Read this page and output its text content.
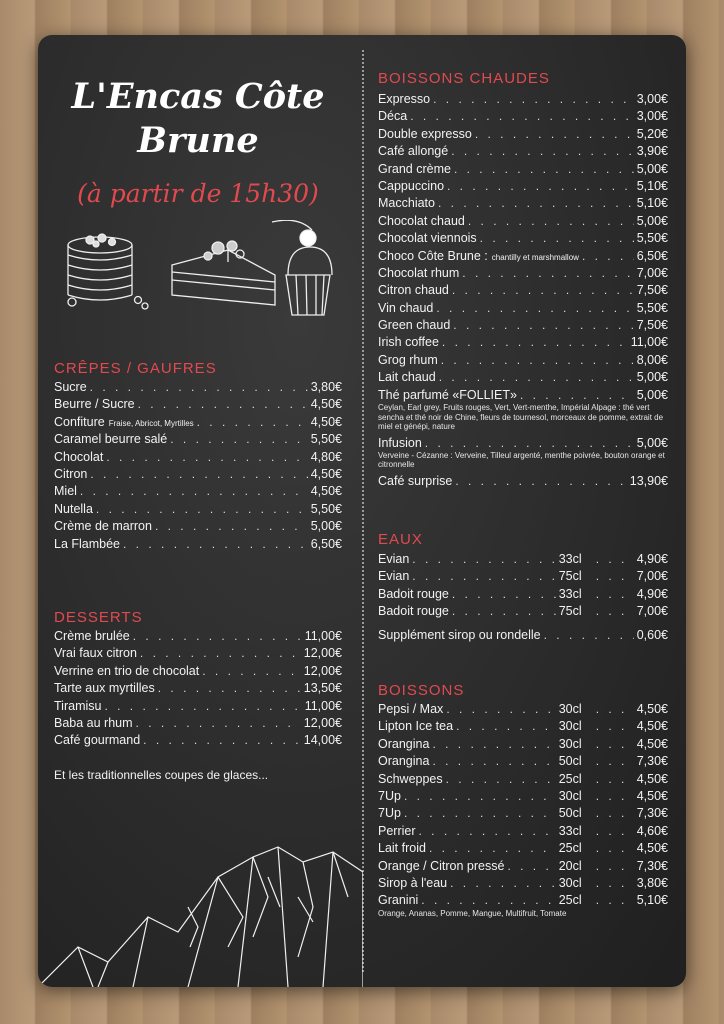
L'Encas Côte
Brune
(à partir de 15h30)
CRÊPES / GAUFRES
Sucre . . .	3,80€
Beurre / Sucre . . .	4,50€
Confiture Fraise, Abricot, Myrtilles . . .	4,50€
Caramel beurre salé . . .	5,50€
Chocolat . . .	4,80€
Citron . . .	4,50€
Miel . . .	4,50€
Nutella . . .	5,50€
Crème de marron . . .	5,00€
La Flambée . . .	6,50€
DESSERTS
Crème brulée . . .	11,00€
Vrai faux citron . . .	12,00€
Verrine en trio de chocolat . . .	12,00€
Tarte aux myrtilles . . .	13,50€
Tiramisu . . .	11,00€
Baba au rhum . . .	12,00€
Café gourmand . . .	14,00€
Et les traditionnelles coupes de glaces...
BOISSONS CHAUDES
Expresso . . .	3,00€
Déca . . .	3,00€
Double expresso . . .	5,20€
Café allongé . . .	3,90€
Grand crème . . .	5,00€
Cappuccino . . .	5,10€
Macchiato . . .	5,10€
Chocolat chaud . . .	5,00€
Chocolat viennois . . .	5,50€
Choco Côte Brune : chantilly et marshmallow . . .	6,50€
Chocolat rhum . . .	7,00€
Citron chaud . . .	7,50€
Vin chaud . . .	5,50€
Green chaud . . .	7,50€
Irish coffee . . .	11,00€
Grog rhum . . .	8,00€
Lait chaud . . .	5,00€
Thé parfumé «FOLLIET» . . .	5,00€
Ceylan, Earl grey, Fruits rouges, Vert, Vert-menthe, Impérial Alpage : thé vert sencha et thé noir de Chine, fleurs de tournesol, morceaux de pomme, extrait de miel et génépi, nature
Infusion . . .	5,00€
Verveine - Cézanne : Verveine, Tilleul argenté, menthe poivrée, bouton orange et citronnelle
Café surprise . . .	13,90€
EAUX
Evian . . .	33cl . . .	4,90€
Evian . . .	75cl . . .	7,00€
Badoit rouge . . .	33cl . . .	4,90€
Badoit rouge . . .	75cl . . .	7,00€
Supplément sirop ou rondelle . . .	0,60€
BOISSONS
Pepsi / Max . . .	30cl . . .	4,50€
Lipton Ice tea . . .	30cl . . .	4,50€
Orangina . . .	30cl . . .	4,50€
Orangina . . .	50cl . . .	7,30€
Schweppes . . .	25cl . . .	4,50€
7Up . . .	30cl . . .	4,50€
7Up . . .	50cl . . .	7,30€
Perrier . . .	33cl . . .	4,60€
Lait froid . . .	25cl . . .	4,50€
Orange / Citron pressé . . .	20cl . . .	7,30€
Sirop à l'eau . . .	30cl . . .	3,80€
Granini . . .	25cl . . .	5,10€
Orange, Ananas, Pomme, Mangue, Multifruit, Tomate
